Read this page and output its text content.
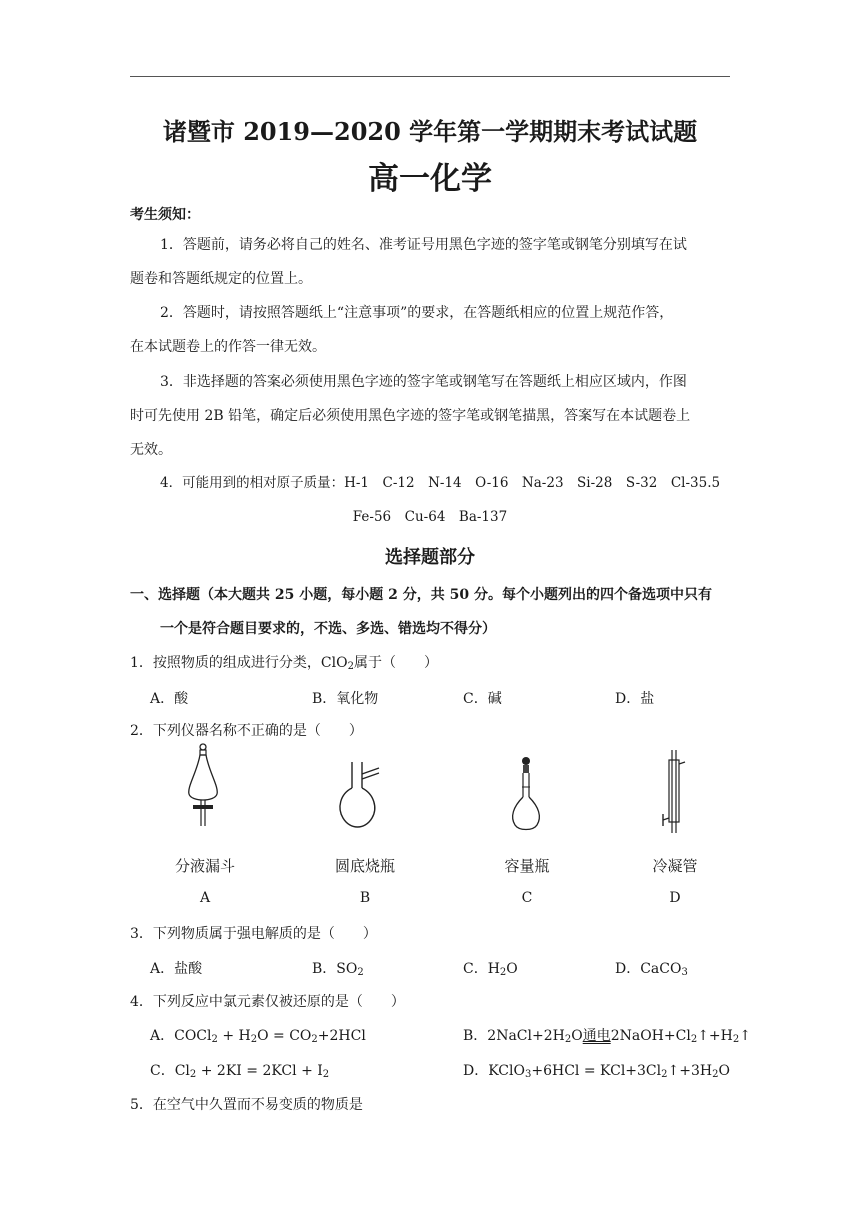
诸暨市 2019—2020 学年第一学期期末考试试题
高一化学
考生须知：
1．答题前，请务必将自己的姓名、准考证号用黑色字迹的签字笔或钢笔分别填写在试
题卷和答题纸规定的位置上。
2．答题时，请按照答题纸上“注意事项”的要求，在答题纸相应的位置上规范作答，
在本试题卷上的作答一律无效。
3．非选择题的答案必须使用黑色字迹的签字笔或钢笔写在答题纸上相应区域内，作图
时可先使用 2B 铅笔，确定后必须使用黑色字迹的签字笔或钢笔描黑，答案写在本试题卷上
无效。
4．可能用到的相对原子质量：H-1　C-12　N-14　O-16　Na-23　Si-28　S-32　Cl-35.5
Fe-56　Cu-64　Ba-137
选择题部分
一、选择题（本大题共 25 小题，每小题 2 分，共 50 分。每个小题列出的四个备选项中只有
一个是符合题目要求的，不选、多选、错选均不得分）
1．按照物质的组成进行分类，ClO$_2$属于（　　）
A．酸	B．氧化物	C．碱	D．盐
2．下列仪器名称不正确的是（　　）
分液漏斗	圆底烧瓶	容量瓶	冷凝管
A	B	C	D
3．下列物质属于强电解质的是（　　）
A．盐酸	B．$SO_2$	C．$H_2O$	D．CaCO$_3$
4．下列反应中氯元素仅被还原的是（　　）
A．COCl$_2$ + $H_2O = CO_2+2HCl$	B．$2NaCl+2H_2O$通电$2NaOH+Cl_2↑+H_2↑$
C．$Cl_2 + 2KI = 2KCl + I_2$	D．KClO$_3$+6HCl = $KCl+3Cl_2↑+3H_2O$
5．在空气中久置而不易变质的物质是
